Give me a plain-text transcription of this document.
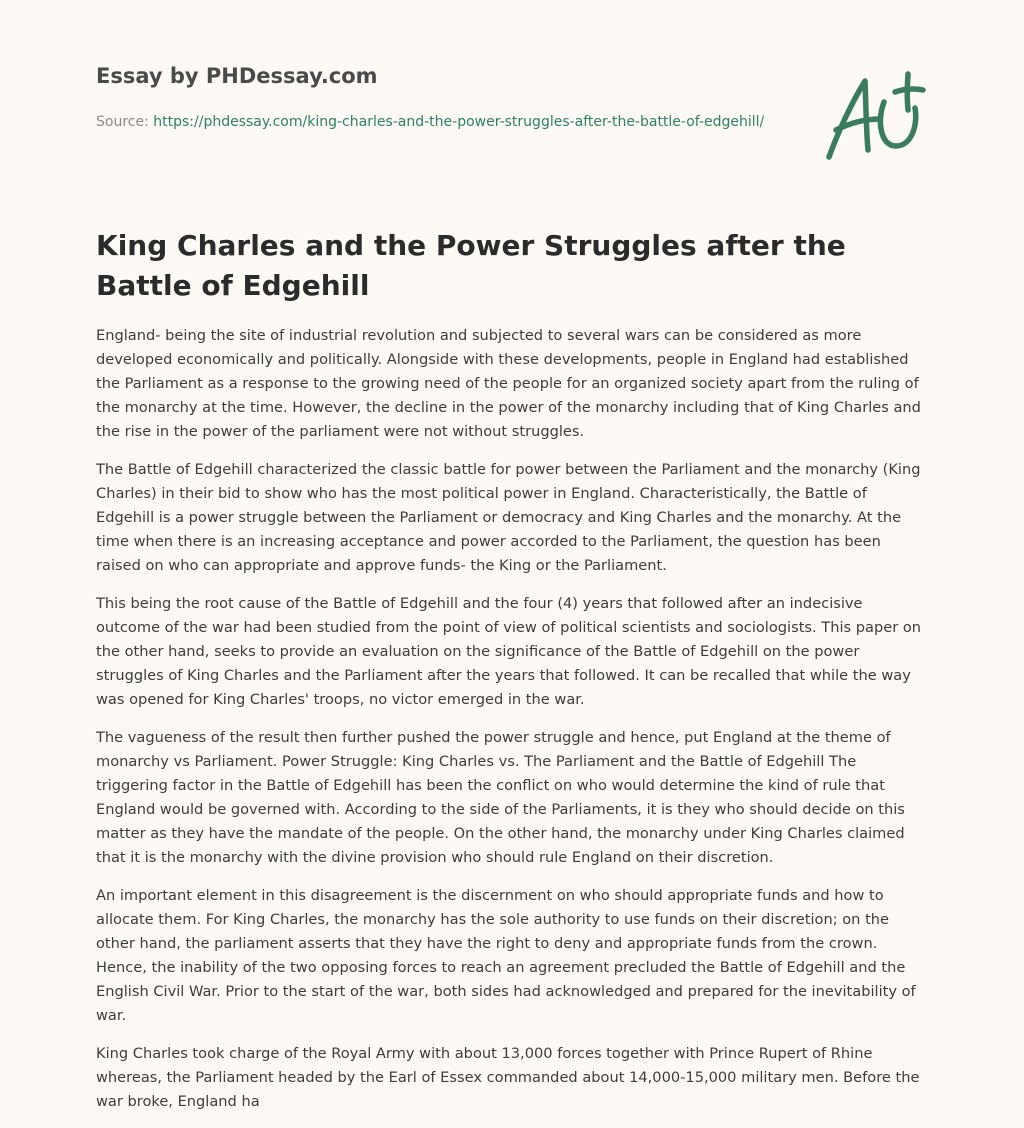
Essay by PHDessay.com
Source: https://phdessay.com/king-charles-and-the-power-struggles-after-the-battle-of-edgehill/
King Charles and the Power Struggles after the Battle of Edgehill

England- being the site of industrial revolution and subjected to several wars can be considered as more developed economically and politically. Alongside with these developments, people in England had established the Parliament as a response to the growing need of the people for an organized society apart from the ruling of the monarchy at the time. However, the decline in the power of the monarchy including that of King Charles and the rise in the power of the parliament were not without struggles.

The Battle of Edgehill characterized the classic battle for power between the Parliament and the monarchy (King Charles) in their bid to show who has the most political power in England. Characteristically, the Battle of Edgehill is a power struggle between the Parliament or democracy and King Charles and the monarchy. At the time when there is an increasing acceptance and power accorded to the Parliament, the question has been raised on who can appropriate and approve funds- the King or the Parliament.

This being the root cause of the Battle of Edgehill and the four (4) years that followed after an indecisive outcome of the war had been studied from the point of view of political scientists and sociologists. This paper on the other hand, seeks to provide an evaluation on the significance of the Battle of Edgehill on the power struggles of King Charles and the Parliament after the years that followed. It can be recalled that while the way was opened for King Charles' troops, no victor emerged in the war.

The vagueness of the result then further pushed the power struggle and hence, put England at the theme of monarchy vs Parliament. Power Struggle: King Charles vs. The Parliament and the Battle of Edgehill The triggering factor in the Battle of Edgehill has been the conflict on who would determine the kind of rule that England would be governed with. According to the side of the Parliaments, it is they who should decide on this matter as they have the mandate of the people. On the other hand, the monarchy under King Charles claimed that it is the monarchy with the divine provision who should rule England on their discretion.

An important element in this disagreement is the discernment on who should appropriate funds and how to allocate them. For King Charles, the monarchy has the sole authority to use funds on their discretion; on the other hand, the parliament asserts that they have the right to deny and appropriate funds from the crown. Hence, the inability of the two opposing forces to reach an agreement precluded the Battle of Edgehill and the English Civil War. Prior to the start of the war, both sides had acknowledged and prepared for the inevitability of war.

King Charles took charge of the Royal Army with about 13,000 forces together with Prince Rupert of Rhine whereas, the Parliament headed by the Earl of Essex commanded about 14,000-15,000 military men. Before the war broke, England ha
